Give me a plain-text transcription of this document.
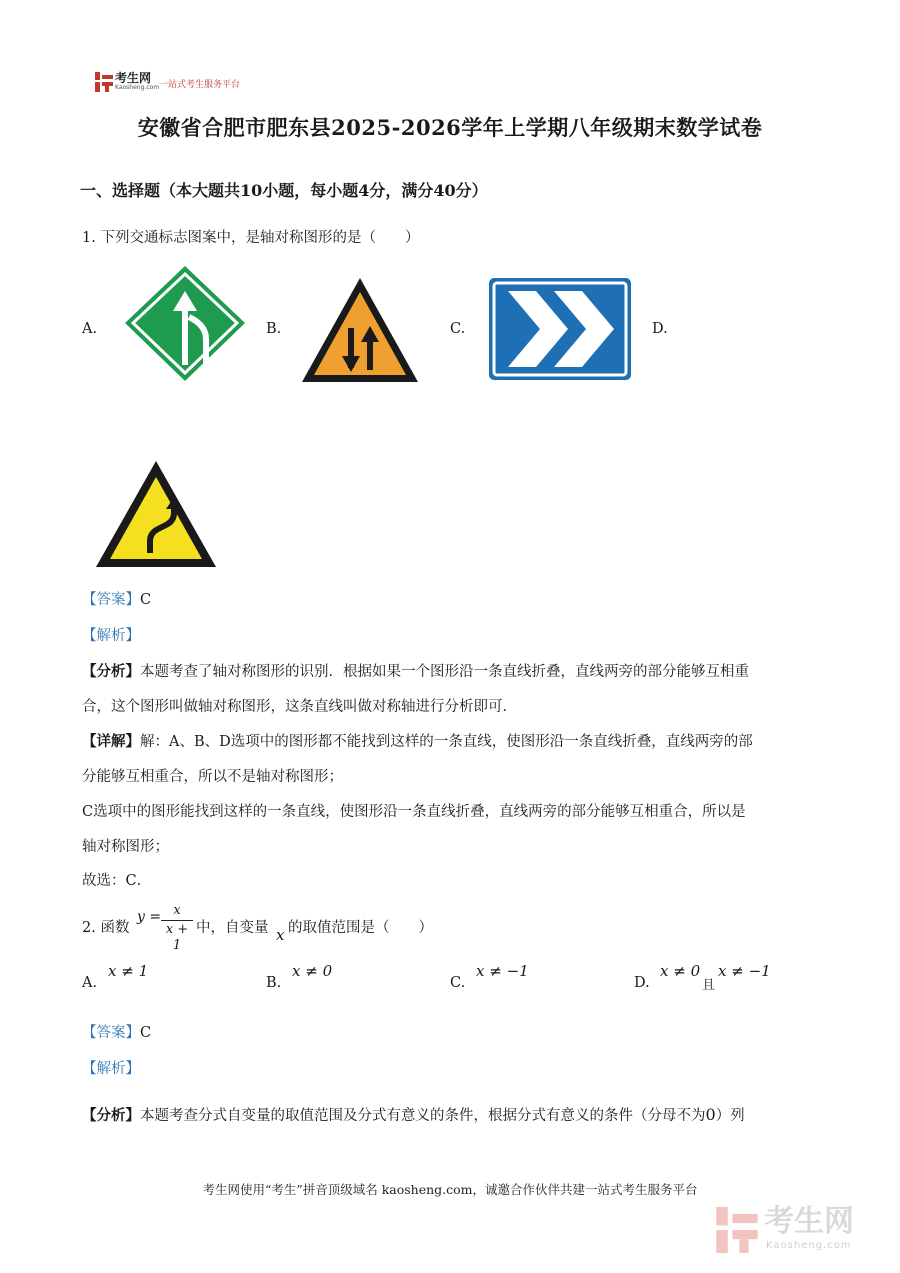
考生网
Kaosheng.com 一站式考生服务平台
安徽省合肥市肥东县2025-2026学年上学期八年级期末数学试卷
一、选择题（本大题共10小题，每小题4分，满分40分）
1. 下列交通标志图案中，是轴对称图形的是（　　）
A.	B.	C.	D.
【答案】C
【解析】
【分析】本题考查了轴对称图形的识别．根据如果一个图形沿一条直线折叠，直线两旁的部分能够互相重
合，这个图形叫做轴对称图形，这条直线叫做对称轴进行分析即可．
【详解】解：A、B、D选项中的图形都不能找到这样的一条直线，使图形沿一条直线折叠，直线两旁的部
分能够互相重合，所以不是轴对称图形；
C选项中的图形能找到这样的一条直线，使图形沿一条直线折叠，直线两旁的部分能够互相重合，所以是
轴对称图形；
故选：C．
2. 函数
y = x
x + 1
中，自变量 x 的取值范围是（　　）
A.
x ≠ 1
B.
x ≠ 0
C.
x ≠ −1
D.
x ≠ 0
且
x ≠ −1
【答案】C
【解析】
【分析】本题考查分式自变量的取值范围及分式有意义的条件，根据分式有意义的条件（分母不为0）列
考生网使用“考生”拼音顶级域名 kaosheng.com，诚邀合作伙伴共建一站式考生服务平台
考生网
Kaosheng.com
